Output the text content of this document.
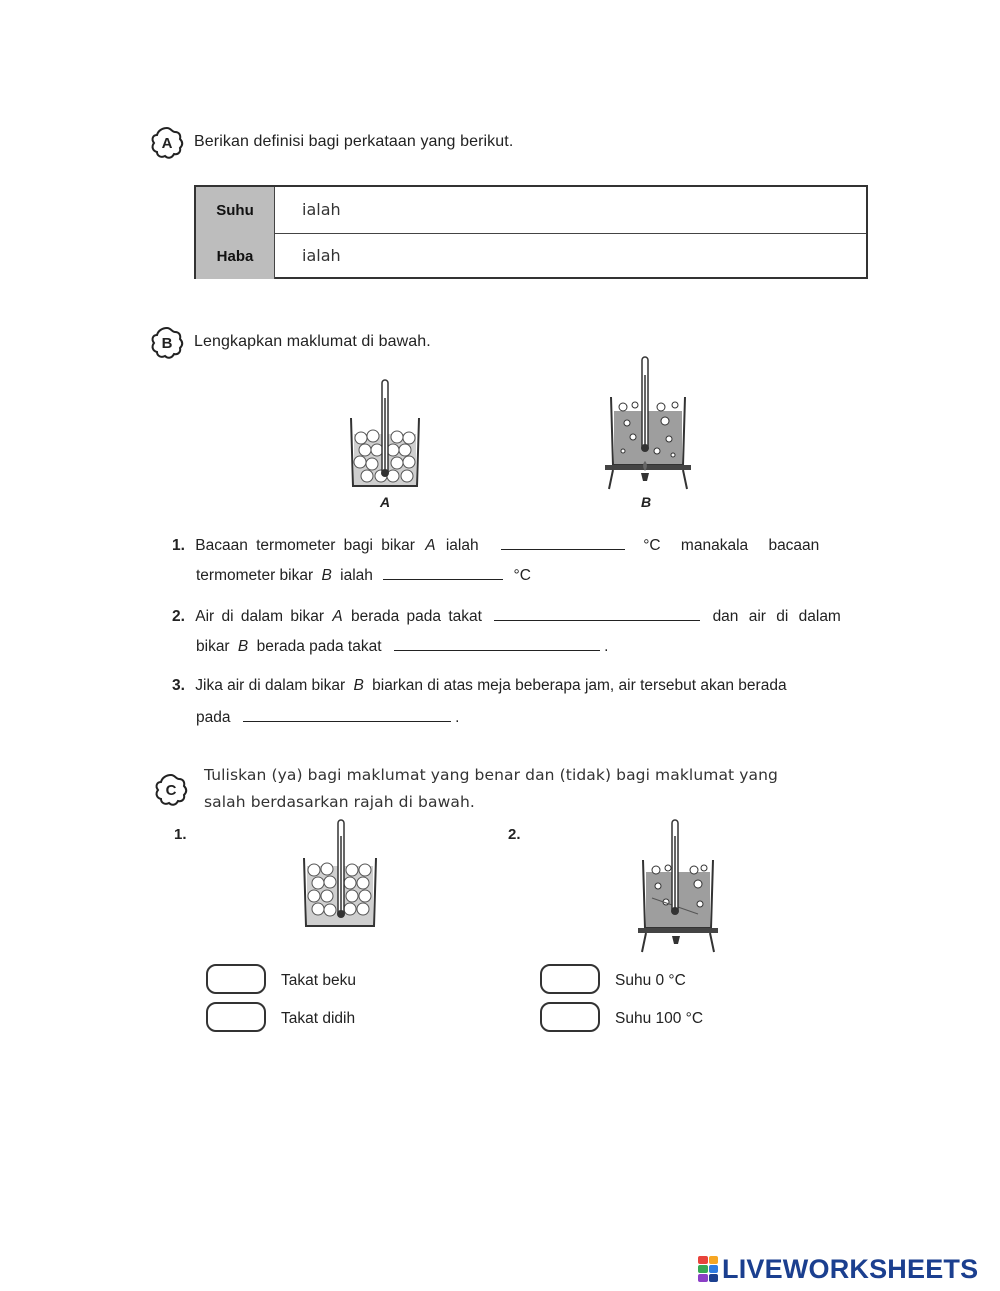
A Berikan definisi bagi perkataan yang berikut.
Suhu	ialah
Haba	ialah
B Lengkapkan maklumat di bawah.
A	B
1. Bacaan termometer bagi bikar A ialah	°C manakala bacaan
termometer bikar B ialah	°C
2. Air di dalam bikar A berada pada takat	dan air di dalam
bikar B berada pada takat	.
3. Jika air di dalam bikar B biarkan di atas meja beberapa jam, air tersebut akan berada
pada	.
C
Tuliskan (ya) bagi maklumat yang benar dan (tidak) bagi maklumat yang
salah berdasarkan rajah di bawah.
1.	2.
Takat beku
Takat didih
Suhu 0 °C
Suhu 100 °C
LIVEWORKSHEETS
